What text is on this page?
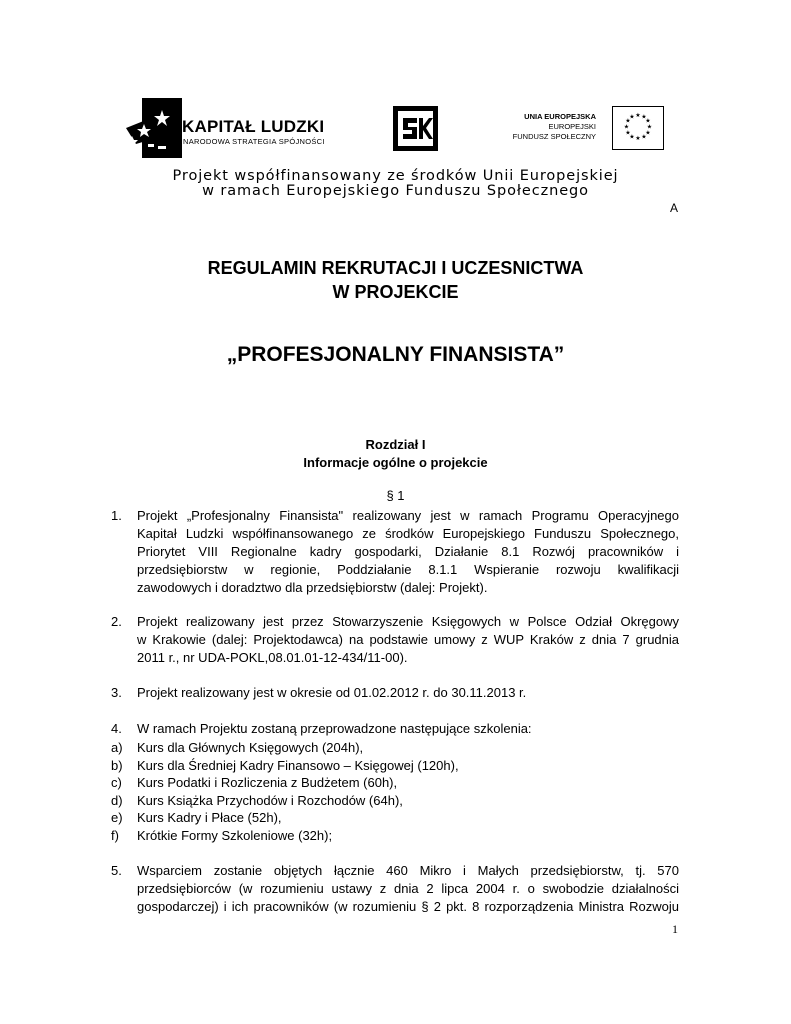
KAPITAŁ LUDZKI
NARODOWA STRATEGIA SPÓJNOŚCI
UNIA EUROPEJSKA
EUROPEJSKI
FUNDUSZ SPOŁECZNY
★ ★
★
★
★
★
★
★
★
★
★
★
Projekt współfinansowany ze środków Unii Europejskiej
w ramach Europejskiego Funduszu Społecznego
A
REGULAMIN REKRUTACJI I UCZESNICTWA
W PROJEKCIE
„PROFESJONALNY FINANSISTA”
Rozdział I
Informacje ogólne o projekcie
§ 1
1. Projekt „Profesjonalny Finansista" realizowany jest w ramach Programu Operacyjnego
Kapitał Ludzki współfinansowanego ze środków Europejskiego Funduszu Społecznego,
Priorytet VIII Regionalne kadry gospodarki, Działanie 8.1 Rozwój pracowników i
przedsiębiorstw w regionie, Poddziałanie 8.1.1 Wspieranie rozwoju kwalifikacji
zawodowych i doradztwo dla przedsiębiorstw (dalej: Projekt).
2. Projekt realizowany jest przez Stowarzyszenie Księgowych w Polsce Odział Okręgowy
w Krakowie (dalej: Projektodawca) na podstawie umowy z WUP Kraków z dnia 7 grudnia
2011 r., nr UDA-POKL,08.01.01-12-434/11-00).
3. Projekt realizowany jest w okresie od 01.02.2012 r. do 30.11.2013 r.
4. W ramach Projektu zostaną przeprowadzone następujące szkolenia:
a) Kurs dla Głównych Księgowych (204h),
b) Kurs dla Średniej Kadry Finansowo – Księgowej (120h),
c) Kurs Podatki i Rozliczenia z Budżetem (60h),
d) Kurs Książka Przychodów i Rozchodów (64h),
e) Kurs Kadry i Płace (52h),
f) Krótkie Formy Szkoleniowe (32h);
5. Wsparciem zostanie objętych łącznie 460 Mikro i Małych przedsiębiorstw, tj. 570
przedsiębiorców (w rozumieniu ustawy z dnia 2 lipca 2004 r. o swobodzie działalności
gospodarczej) i ich pracowników (w rozumieniu § 2 pkt. 8 rozporządzenia Ministra Rozwoju
1
